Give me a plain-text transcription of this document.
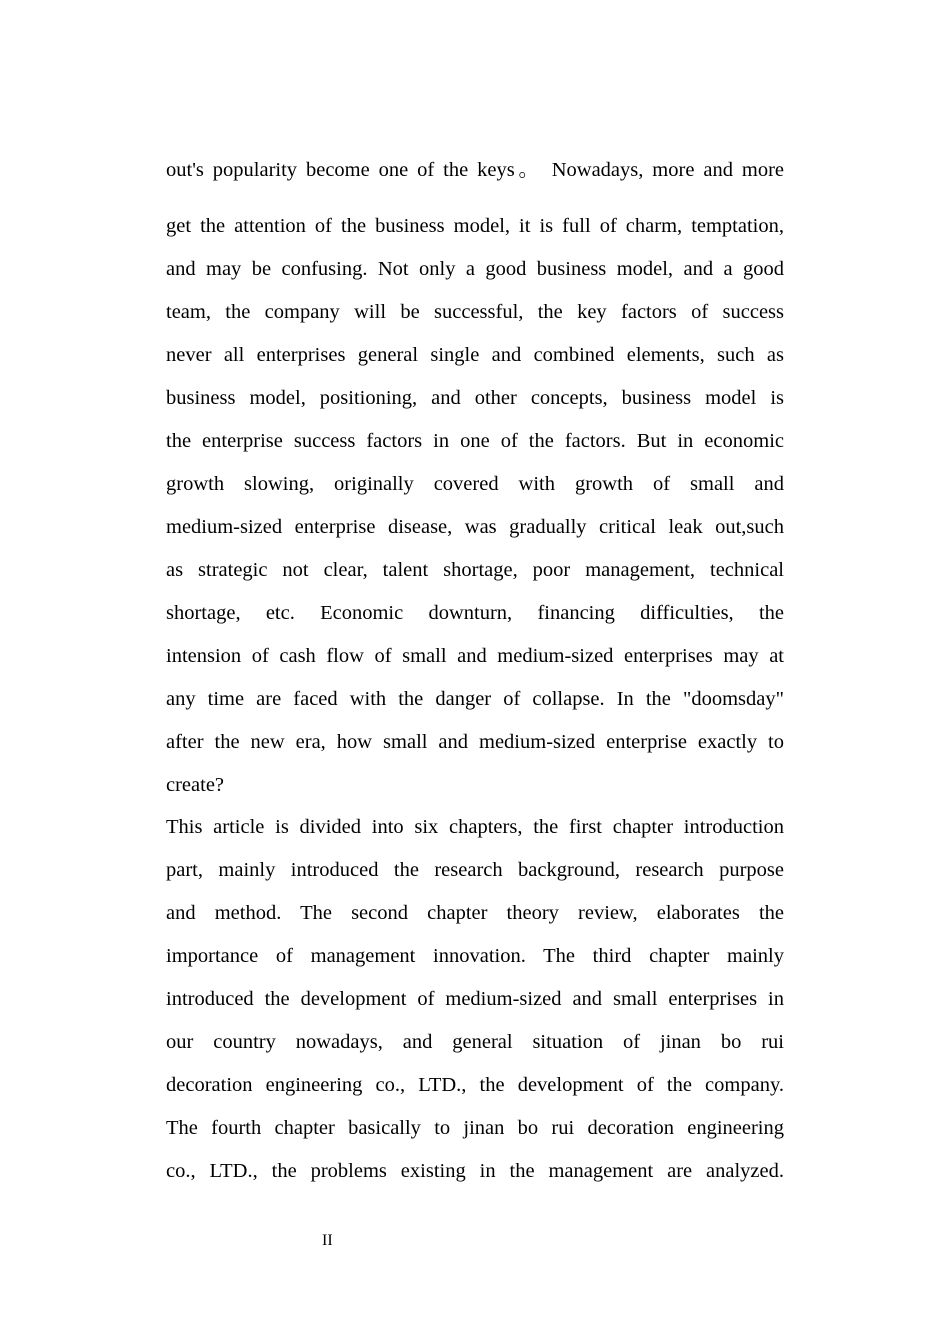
out's popularity become one of the keys。 Nowadays, more and more
get the attention of the business model, it is full of charm, temptation,
and may be confusing. Not only a good business model, and a good
team, the company will be successful, the key factors of success
never all enterprises general single and combined elements, such as
business model, positioning, and other concepts, business model is
the enterprise success factors in one of the factors. But in economic
growth slowing, originally covered with growth of small and
medium-sized enterprise disease, was gradually critical leak out,such
as strategic not clear, talent shortage, poor management, technical
shortage, etc. Economic downturn, financing difficulties, the
intension of cash flow of small and medium-sized enterprises may at
any time are faced with the danger of collapse. In the "doomsday"
after the new era, how small and medium-sized enterprise exactly to
create?
This article is divided into six chapters, the first chapter introduction
part, mainly introduced the research background, research purpose
and method. The second chapter theory review, elaborates the
importance of management innovation. The third chapter mainly
introduced the development of medium-sized and small enterprises in
our country nowadays, and general situation of jinan bo rui
decoration engineering co., LTD., the development of the company.
The fourth chapter basically to jinan bo rui decoration engineering
co., LTD., the problems existing in the management are analyzed.
II
